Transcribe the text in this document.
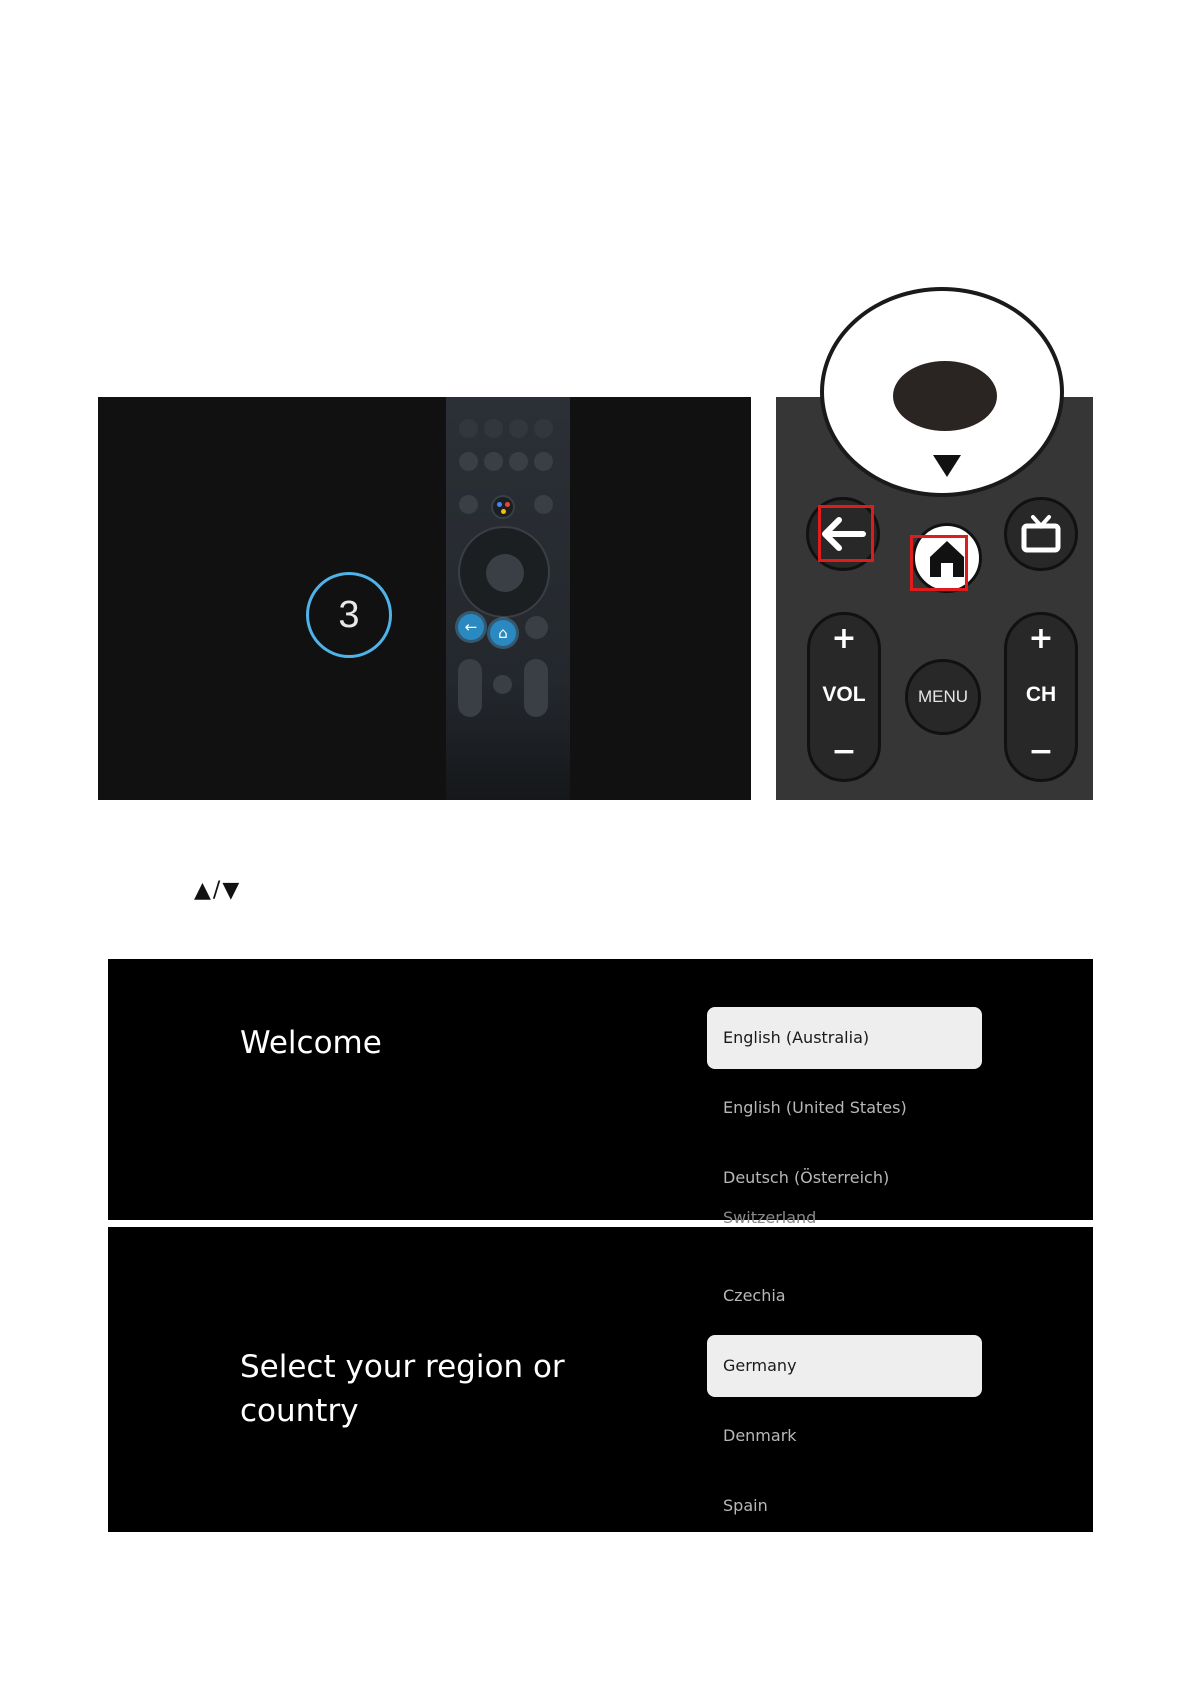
3	←	⌂	+
VOL
−
MENU
+
CH
−
▲/▼
Welcome	English (Australia)
English (United States)
Deutsch (Österreich)
Switzerland
Select your region or country
Czechia
Germany
Denmark
Spain
